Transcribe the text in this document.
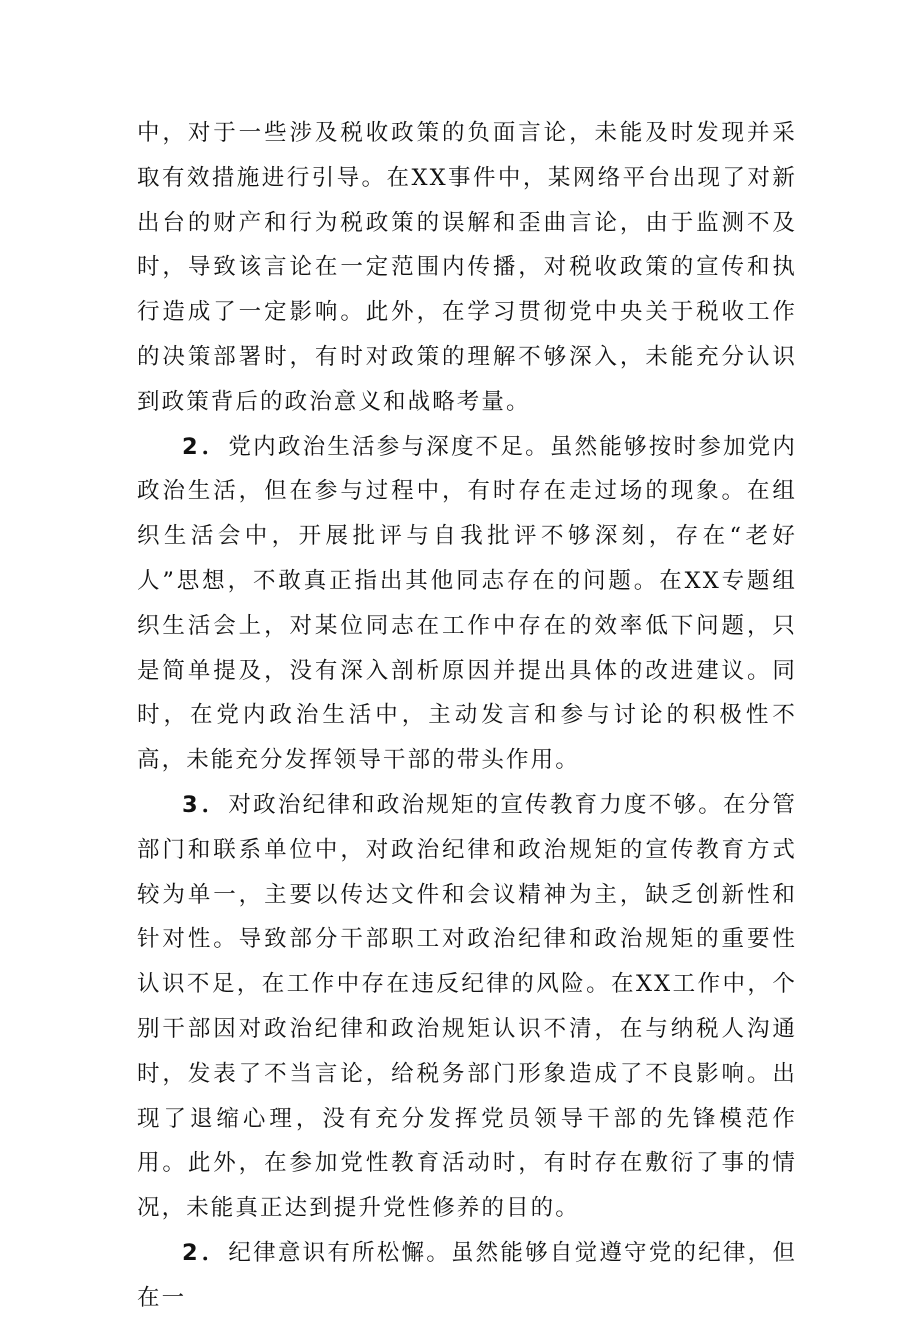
中，对于一些涉及税收政策的负面言论，未能及时发现并采取有效措施进行引导。在XX事件中，某网络平台出现了对新出台的财产和行为税政策的误解和歪曲言论，由于监测不及时，导致该言论在一定范围内传播，对税收政策的宣传和执行造成了一定影响。此外，在学习贯彻党中央关于税收工作的决策部署时，有时对政策的理解不够深入，未能充分认识到政策背后的政治意义和战略考量。

2．党内政治生活参与深度不足。虽然能够按时参加党内政治生活，但在参与过程中，有时存在走过场的现象。在组织生活会中，开展批评与自我批评不够深刻，存在“老好人”思想，不敢真正指出其他同志存在的问题。在XX专题组织生活会上，对某位同志在工作中存在的效率低下问题，只是简单提及，没有深入剖析原因并提出具体的改进建议。同时，在党内政治生活中，主动发言和参与讨论的积极性不高，未能充分发挥领导干部的带头作用。

3．对政治纪律和政治规矩的宣传教育力度不够。在分管部门和联系单位中，对政治纪律和政治规矩的宣传教育方式较为单一，主要以传达文件和会议精神为主，缺乏创新性和针对性。导致部分干部职工对政治纪律和政治规矩的重要性认识不足，在工作中存在违反纪律的风险。在XX工作中，个别干部因对政治纪律和政治规矩认识不清，在与纳税人沟通时，发表了不当言论，给税务部门形象造成了不良影响。出现了退缩心理，没有充分发挥党员领导干部的先锋模范作用。此外，在参加党性教育活动时，有时存在敷衍了事的情况，未能真正达到提升党性修养的目的。

2．纪律意识有所松懈。虽然能够自觉遵守党的纪律，但在一
